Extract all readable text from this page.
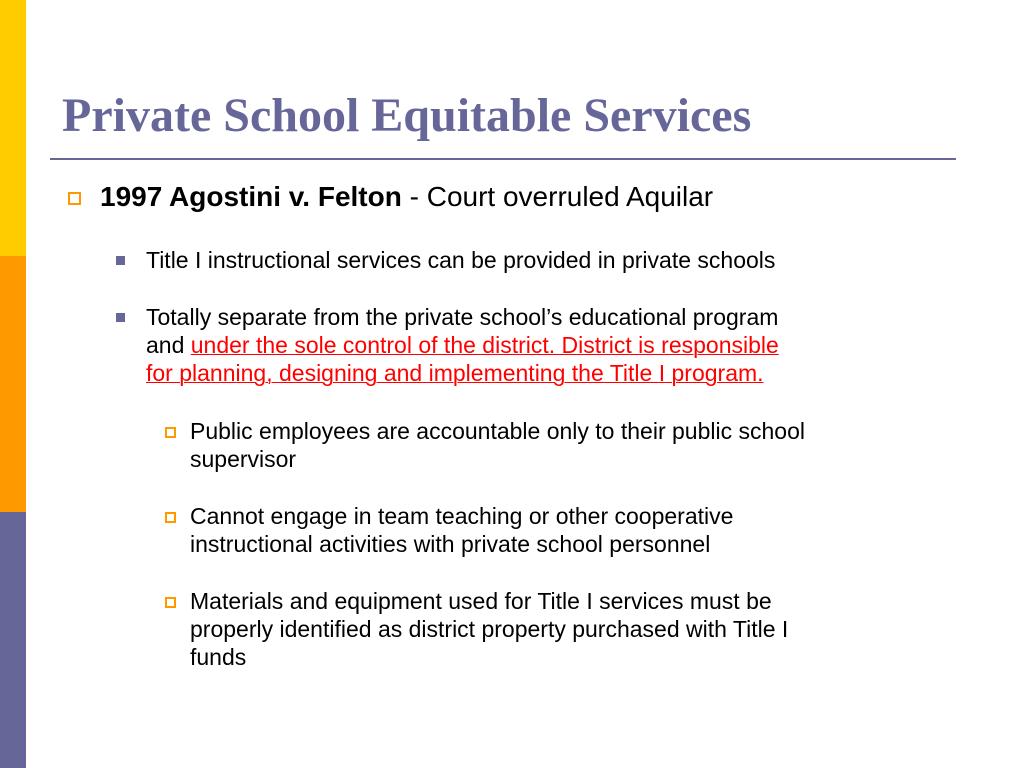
Private School Equitable Services
1997 Agostini v. Felton - Court overruled Aquilar
Title I instructional services can be provided in private schools
Totally separate from the private school’s educational program
and under the sole control of the district. District is responsible
for planning, designing and implementing the Title I program.
Public employees are accountable only to their public school
supervisor
Cannot engage in team teaching or other cooperative
instructional activities with private school personnel
Materials and equipment used for Title I services must be
properly identified as district property purchased with Title I
funds
